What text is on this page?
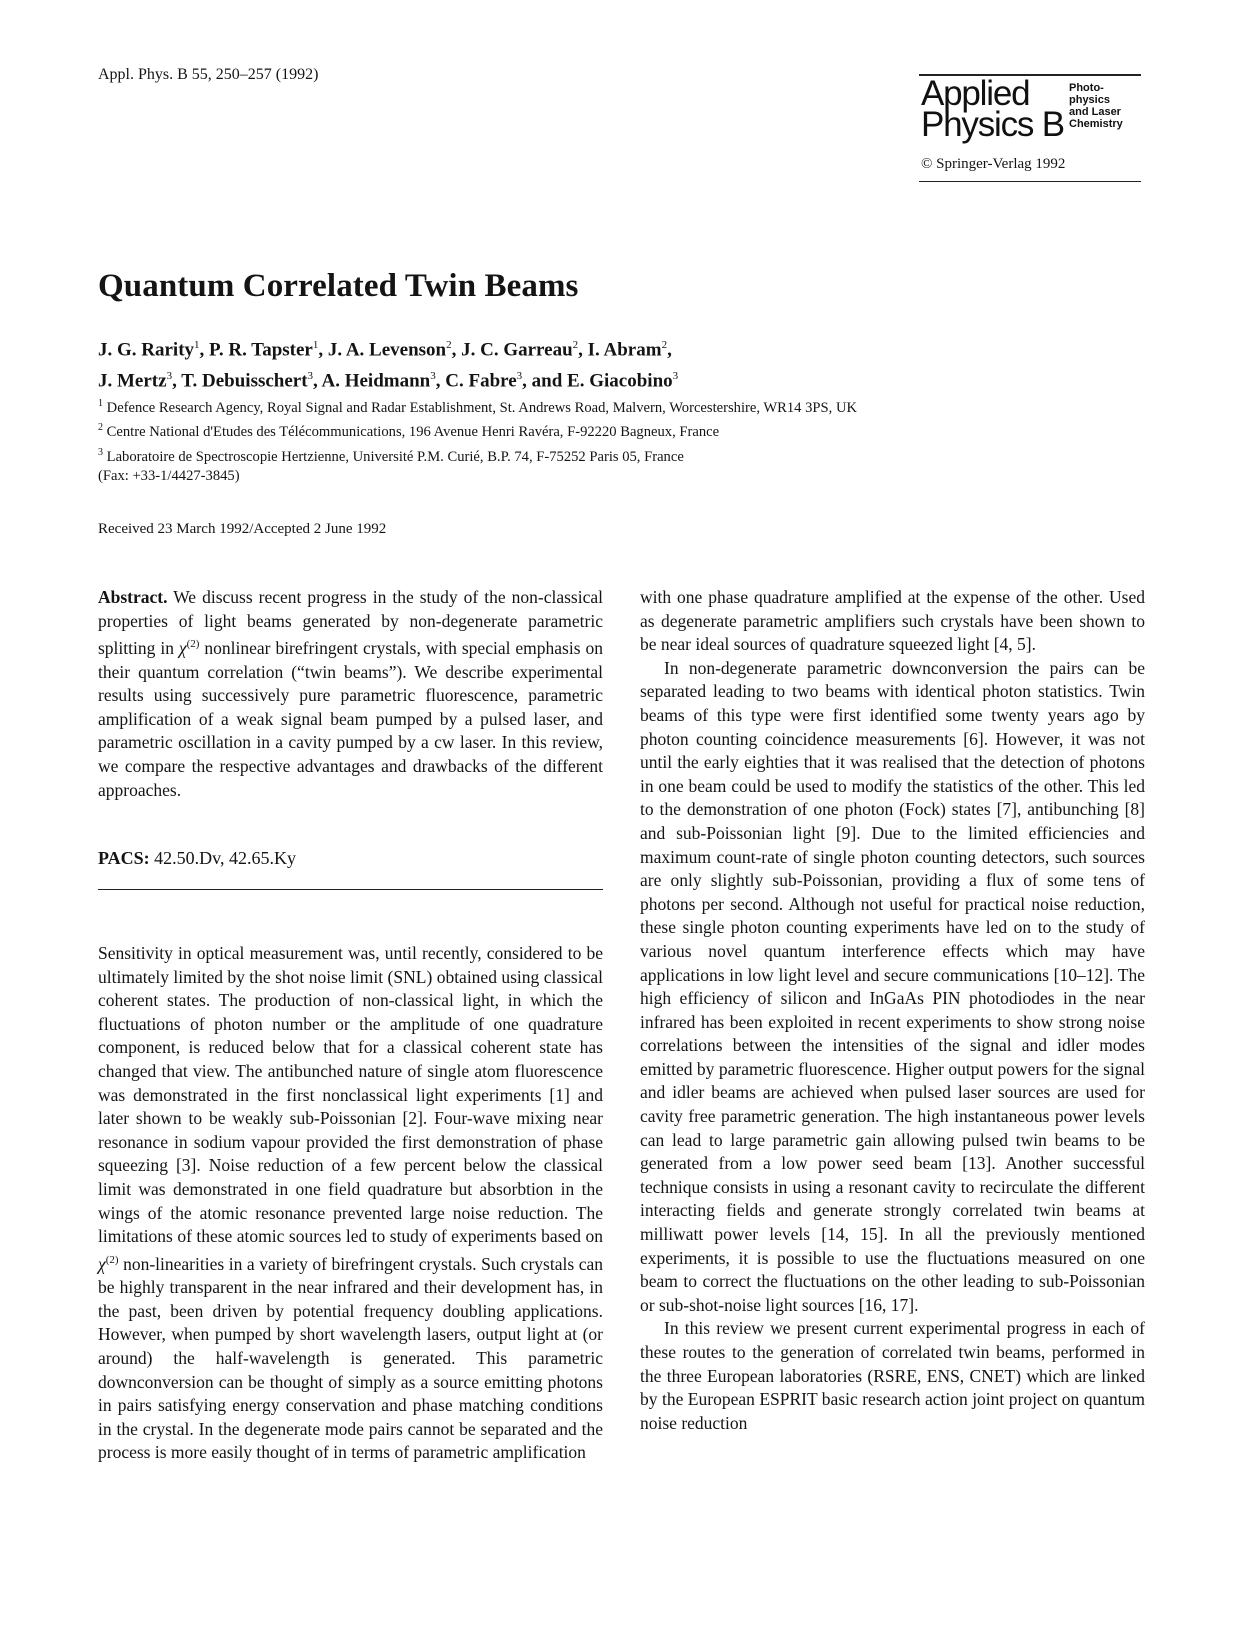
Appl. Phys. B 55, 250–257 (1992)	Applied
Physics B
Photo-
physics
and Laser
Chemistry
© Springer-Verlag 1992
Quantum Correlated Twin Beams

J. G. Rarity$^1$, P. R. Tapster$^1$, J. A. Levenson$^2$, J. C. Garreau$^2$, I. Abram$^2$,
J. Mertz$^3$, T. Debuisschert$^3$, A. Heidmann$^3$, C. Fabre$^3$, and E. Giacobino$^3$

$^1$ Defence Research Agency, Royal Signal and Radar Establishment, St. Andrews Road, Malvern, Worcestershire, WR14 3PS, UK
$^2$ Centre National d'Etudes des Télécommunications, 196 Avenue Henri Ravéra, F-92220 Bagneux, France
$^3$ Laboratoire de Spectroscopie Hertzienne, Université P.M. Curié, B.P. 74, F-75252 Paris 05, France
(Fax: +33-1/4427-3845)
Received 23 March 1992/Accepted 2 June 1992

Abstract. We discuss recent progress in the study of the non-classical properties of light beams generated by non-degenerate parametric splitting in $\chi^{(2)}$ nonlinear birefringent crystals, with special emphasis on their quantum correlation (“twin beams”). We describe experimental results using successively pure parametric fluorescence, parametric amplification of a weak signal beam pumped by a pulsed laser, and parametric oscillation in a cavity pumped by a cw laser. In this review, we compare the respective advantages and drawbacks of the different approaches.

PACS: 42.50.Dv, 42.65.Ky

Sensitivity in optical measurement was, until recently, considered to be ultimately limited by the shot noise limit (SNL) obtained using classical coherent states. The production of non-classical light, in which the fluctuations of photon number or the amplitude of one quadrature component, is reduced below that for a classical coherent state has changed that view. The antibunched nature of single atom fluorescence was demonstrated in the first nonclassical light experiments [1] and later shown to be weakly sub-Poissonian [2]. Four-wave mixing near resonance in sodium vapour provided the first demonstration of phase squeezing [3]. Noise reduction of a few percent below the classical limit was demonstrated in one field quadrature but absorbtion in the wings of the atomic resonance prevented large noise reduction. The limitations of these atomic sources led to study of experiments based on $\chi^{(2)}$ non-linearities in a variety of birefringent crystals. Such crystals can be highly transparent in the near infrared and their development has, in the past, been driven by potential frequency doubling applications. However, when pumped by short wavelength lasers, output light at (or around) the half-wavelength is generated. This parametric downconversion can be thought of simply as a source emitting photons in pairs satisfying energy conservation and phase matching conditions in the crystal. In the degenerate mode pairs cannot be separated and the process is more easily thought of in terms of parametric amplification

with one phase quadrature amplified at the expense of the other. Used as degenerate parametric amplifiers such crystals have been shown to be near ideal sources of quadrature squeezed light [4, 5].

In non-degenerate parametric downconversion the pairs can be separated leading to two beams with identical photon statistics. Twin beams of this type were first identified some twenty years ago by photon counting coincidence measurements [6]. However, it was not until the early eighties that it was realised that the detection of photons in one beam could be used to modify the statistics of the other. This led to the demonstration of one photon (Fock) states [7], antibunching [8] and sub-Poissonian light [9]. Due to the limited efficiencies and maximum count-rate of single photon counting detectors, such sources are only slightly sub-Poissonian, providing a flux of some tens of photons per second. Although not useful for practical noise reduction, these single photon counting experiments have led on to the study of various novel quantum interference effects which may have applications in low light level and secure communications [10–12]. The high efficiency of silicon and InGaAs PIN photodiodes in the near infrared has been exploited in recent experiments to show strong noise correlations between the intensities of the signal and idler modes emitted by parametric fluorescence. Higher output powers for the signal and idler beams are achieved when pulsed laser sources are used for cavity free parametric generation. The high instantaneous power levels can lead to large parametric gain allowing pulsed twin beams to be generated from a low power seed beam [13]. Another successful technique consists in using a resonant cavity to recirculate the different interacting fields and generate strongly correlated twin beams at milliwatt power levels [14, 15]. In all the previously mentioned experiments, it is possible to use the fluctuations measured on one beam to correct the fluctuations on the other leading to sub-Poissonian or sub-shot-noise light sources [16, 17].

In this review we present current experimental progress in each of these routes to the generation of correlated twin beams, performed in the three European laboratories (RSRE, ENS, CNET) which are linked by the European ESPRIT basic research action joint project on quantum noise reduction
